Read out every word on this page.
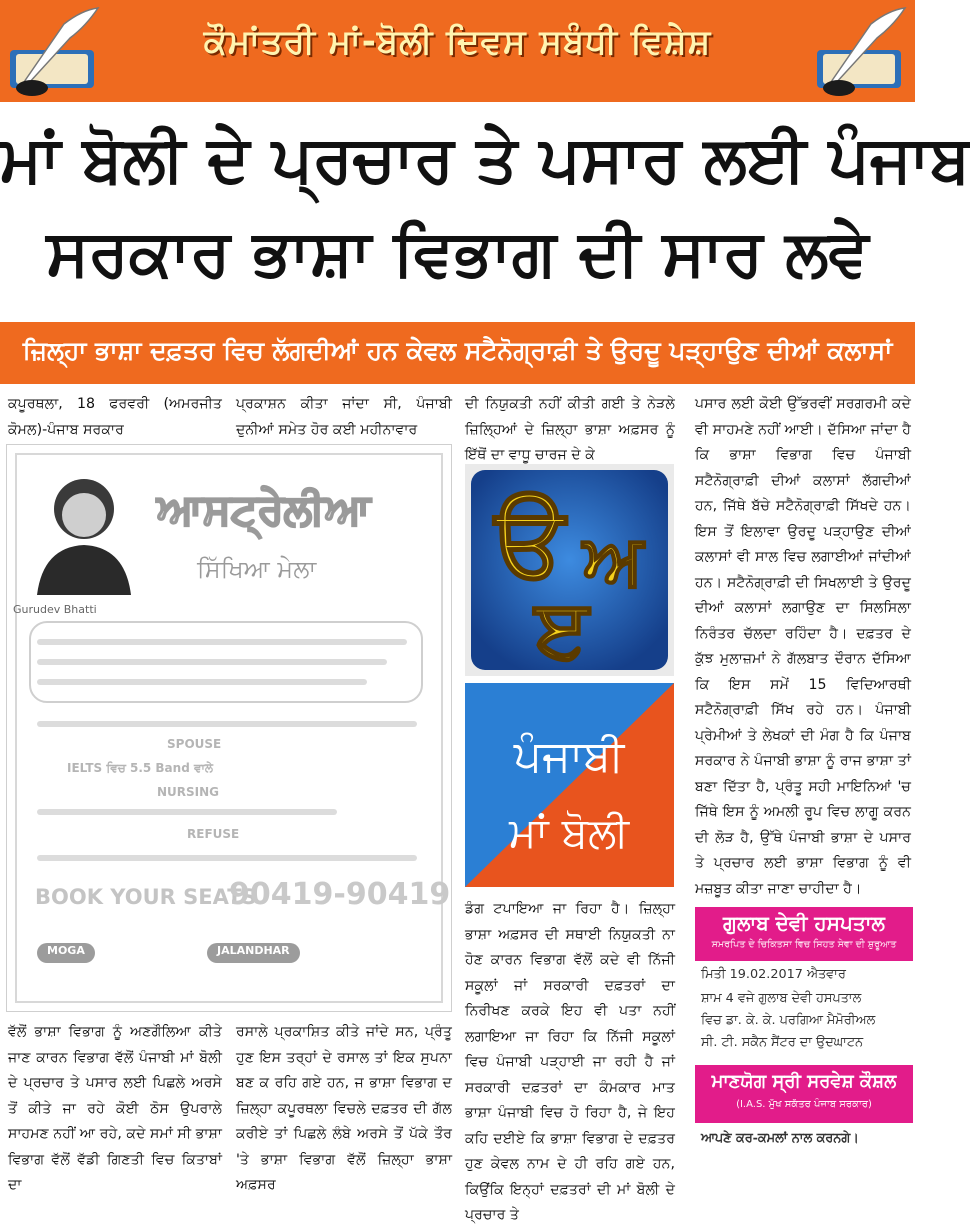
ਕੌਮਾਂਤਰੀ ਮਾਂ-ਬੋਲੀ ਦਿਵਸ ਸਬੰਧੀ ਵਿਸ਼ੇਸ਼
ਮਾਂ ਬੋਲੀ ਦੇ ਪ੍ਰਚਾਰ ਤੇ ਪਸਾਰ ਲਈ ਪੰਜਾਬ
ਸਰਕਾਰ ਭਾਸ਼ਾ ਵਿਭਾਗ ਦੀ ਸਾਰ ਲਵੇ
ਜ਼ਿਲ੍ਹਾ ਭਾਸ਼ਾ ਦਫ਼ਤਰ ਵਿਚ ਲੱਗਦੀਆਂ ਹਨ ਕੇਵਲ ਸਟੈਨੋਗ੍ਰਾਫ਼ੀ ਤੇ ਉਰਦੂ ਪੜ੍ਹਾਉਣ ਦੀਆਂ ਕਲਾਸਾਂ

ਕਪੂਰਥਲਾ, 18 ਫਰਵਰੀ (ਅਮਰਜੀਤ ਕੋਮਲ)-ਪੰਜਾਬ ਸਰਕਾਰ

ਪ੍ਰਕਾਸ਼ਨ ਕੀਤਾ ਜਾਂਦਾ ਸੀ, ਪੰਜਾਬੀ ਦੁਨੀਆਂ ਸਮੇਤ ਹੋਰ ਕਈ ਮਹੀਨਾਵਾਰ

ਦੀ ਨਿਯੁਕਤੀ ਨਹੀਂ ਕੀਤੀ ਗਈ ਤੇ ਨੇੜਲੇ ਜ਼ਿਲ੍ਹਿਆਂ ਦੇ ਜ਼ਿਲ੍ਹਾ ਭਾਸ਼ਾ ਅਫ਼ਸਰ ਨੂੰ ਇੱਥੋਂ ਦਾ ਵਾਧੂ ਚਾਰਜ ਦੇ ਕੇ

ਪਸਾਰ ਲਈ ਕੋਈ ਉੱਭਰਵੀਂ ਸਰਗਰਮੀ ਕਦੇ ਵੀ ਸਾਹਮਣੇ ਨਹੀਂ ਆਈ। ਦੱਸਿਆ ਜਾਂਦਾ ਹੈ ਕਿ ਭਾਸ਼ਾ ਵਿਭਾਗ ਵਿਚ ਪੰਜਾਬੀ ਸਟੈਨੋਗ੍ਰਾਫ਼ੀ ਦੀਆਂ ਕਲਾਸਾਂ ਲੱਗਦੀਆਂ ਹਨ, ਜਿੱਥੇ ਬੱਚੇ ਸਟੈਨੋਗ੍ਰਾਫ਼ੀ ਸਿੱਖਦੇ ਹਨ। ਇਸ ਤੋਂ ਇਲਾਵਾ ਉਰਦੂ ਪੜ੍ਹਾਉਣ ਦੀਆਂ ਕਲਾਸਾਂ ਵੀ ਸਾਲ ਵਿਚ ਲਗਾਈਆਂ ਜਾਂਦੀਆਂ ਹਨ। ਸਟੈਨੋਗ੍ਰਾਫ਼ੀ ਦੀ ਸਿਖਲਾਈ ਤੇ ਉਰਦੂ ਦੀਆਂ ਕਲਾਸਾਂ ਲਗਾਉਣ ਦਾ ਸਿਲਸਿਲਾ ਨਿਰੰਤਰ ਚੱਲਦਾ ਰਹਿੰਦਾ ਹੈ। ਦਫ਼ਤਰ ਦੇ ਕੁੱਝ ਮੁਲਾਜ਼ਮਾਂ ਨੇ ਗੱਲਬਾਤ ਦੌਰਾਨ ਦੱਸਿਆ ਕਿ ਇਸ ਸਮੇਂ 15 ਵਿਦਿਆਰਥੀ ਸਟੈਨੋਗ੍ਰਾਫ਼ੀ ਸਿੱਖ ਰਹੇ ਹਨ। ਪੰਜਾਬੀ ਪ੍ਰੇਮੀਆਂ ਤੇ ਲੇਖਕਾਂ ਦੀ ਮੰਗ ਹੈ ਕਿ ਪੰਜਾਬ ਸਰਕਾਰ ਨੇ ਪੰਜਾਬੀ ਭਾਸ਼ਾ ਨੂੰ ਰਾਜ ਭਾਸ਼ਾ ਤਾਂ ਬਣਾ ਦਿੱਤਾ ਹੈ, ਪ੍ਰੰਤੂ ਸਹੀ ਮਾਇਨਿਆਂ 'ਚ ਜਿੱਥੇ ਇਸ ਨੂੰ ਅਮਲੀ ਰੂਪ ਵਿਚ ਲਾਗੂ ਕਰਨ ਦੀ ਲੋੜ ਹੈ, ਉੱਥੇ ਪੰਜਾਬੀ ਭਾਸ਼ਾ ਦੇ ਪਸਾਰ ਤੇ ਪ੍ਰਚਾਰ ਲਈ ਭਾਸ਼ਾ ਵਿਭਾਗ ਨੂੰ ਵੀ ਮਜ਼ਬੂਤ ਕੀਤਾ ਜਾਣਾ ਚਾਹੀਦਾ ਹੈ।

ਆਸਟ੍ਰੇਲੀਆ
ਸਿੱਖਿਆ ਮੇਲਾ
Gurudev Bhatti
SPOUSE
IELTS ਵਿਚ 5.5 Band ਵਾਲੇ
NURSING
REFUSE
BOOK YOUR SEATS
90419-90419
MOGA	JALANDHAR
ੳ ਅ
ੲ
ਪੰਜਾਬੀ
ਮਾਂ ਬੋਲੀ

ਡੰਗ ਟਪਾਇਆ ਜਾ ਰਿਹਾ ਹੈ। ਜ਼ਿਲ੍ਹਾ ਭਾਸ਼ਾ ਅਫ਼ਸਰ ਦੀ ਸਥਾਈ ਨਿਯੁਕਤੀ ਨਾ ਹੋਣ ਕਾਰਨ ਵਿਭਾਗ ਵੱਲੋਂ ਕਦੇ ਵੀ ਨਿੱਜੀ ਸਕੂਲਾਂ ਜਾਂ ਸਰਕਾਰੀ ਦਫ਼ਤਰਾਂ ਦਾ ਨਿਰੀਖਣ ਕਰਕੇ ਇਹ ਵੀ ਪਤਾ ਨਹੀਂ ਲਗਾਇਆ ਜਾ ਰਿਹਾ ਕਿ ਨਿੱਜੀ ਸਕੂਲਾਂ ਵਿਚ ਪੰਜਾਬੀ ਪੜ੍ਹਾਈ ਜਾ ਰਹੀ ਹੈ ਜਾਂ ਸਰਕਾਰੀ ਦਫ਼ਤਰਾਂ ਦਾ ਕੰਮਕਾਰ ਮਾਤ ਭਾਸ਼ਾ ਪੰਜਾਬੀ ਵਿਚ ਹੋ ਰਿਹਾ ਹੈ, ਜੇ ਇਹ ਕਹਿ ਦਈਏ ਕਿ ਭਾਸ਼ਾ ਵਿਭਾਗ ਦੇ ਦਫ਼ਤਰ ਹੁਣ ਕੇਵਲ ਨਾਮ ਦੇ ਹੀ ਰਹਿ ਗਏ ਹਨ, ਕਿਉਂਕਿ ਇਨ੍ਹਾਂ ਦਫ਼ਤਰਾਂ ਦੀ ਮਾਂ ਬੋਲੀ ਦੇ ਪ੍ਰਚਾਰ ਤੇ

ਵੱਲੋਂ ਭਾਸ਼ਾ ਵਿਭਾਗ ਨੂੰ ਅਣਗੌਲਿਆ ਕੀਤੇ ਜਾਣ ਕਾਰਨ ਵਿਭਾਗ ਵੱਲੋਂ ਪੰਜਾਬੀ ਮਾਂ ਬੋਲੀ ਦੇ ਪ੍ਰਚਾਰ ਤੇ ਪਸਾਰ ਲਈ ਪਿਛਲੇ ਅਰਸੇ ਤੋਂ ਕੀਤੇ ਜਾ ਰਹੇ ਕੋਈ ਠੋਸ ਉਪਰਾਲੇ ਸਾਹਮਣ ਨਹੀਂ ਆ ਰਹੇ, ਕਦੇ ਸਮਾਂ ਸੀ ਭਾਸ਼ਾ ਵਿਭਾਗ ਵੱਲੋਂ ਵੱਡੀ ਗਿਣਤੀ ਵਿਚ ਕਿਤਾਬਾਂ ਦਾ

ਰਸਾਲੇ ਪ੍ਰਕਾਸ਼ਿਤ ਕੀਤੇ ਜਾਂਦੇ ਸਨ, ਪ੍ਰੰਤੂ ਹੁਣ ਇਸ ਤਰ੍ਹਾਂ ਦੇ ਰਸਾਲ ਤਾਂ ਇਕ ਸੁਪਨਾ ਬਣ ਕ ਰਹਿ ਗਏ ਹਨ, ਜ ਭਾਸ਼ਾ ਵਿਭਾਗ ਦ ਜ਼ਿਲ੍ਹਾ ਕਪੂਰਥਲਾ ਵਿਚਲੇ ਦਫ਼ਤਰ ਦੀ ਗੱਲ ਕਰੀਏ ਤਾਂ ਪਿਛਲੇ ਲੰਬੇ ਅਰਸੇ ਤੋਂ ਪੱਕੇ ਤੌਰ 'ਤੇ ਭਾਸ਼ਾ ਵਿਭਾਗ ਵੱਲੋਂ ਜ਼ਿਲ੍ਹਾ ਭਾਸ਼ਾ ਅਫ਼ਸਰ

ਗੁਲਾਬ ਦੇਵੀ ਹਸਪਤਾਲ
ਸਮਰਪਿਤ ਦੇ ਚਿਕਿਤਸਾ ਵਿਚ ਸਿਹਤ ਸੇਵਾ ਦੀ ਸ਼ੁਰੂਆਤ
ਮਿਤੀ 19.02.2017 ਐਤਵਾਰ
ਸ਼ਾਮ 4 ਵਜੇ ਗੁਲਾਬ ਦੇਵੀ ਹਸਪਤਾਲ
ਵਿਚ ਡਾ. ਕੇ. ਕੇ. ਪਰਗਿਆ ਮੈਮੋਰੀਅਲ
ਸੀ. ਟੀ. ਸਕੈਨ ਸੈਂਟਰ ਦਾ ਉਦਘਾਟਨ
ਮਾਣਯੋਗ ਸ੍ਰੀ ਸਰਵੇਸ਼ ਕੌਸ਼ਲ
(I.A.S. ਮੁੱਖ ਸਕੱਤਰ ਪੰਜਾਬ ਸਰਕਾਰ)
ਆਪਣੇ ਕਰ-ਕਮਲਾਂ ਨਾਲ ਕਰਨਗੇ।
